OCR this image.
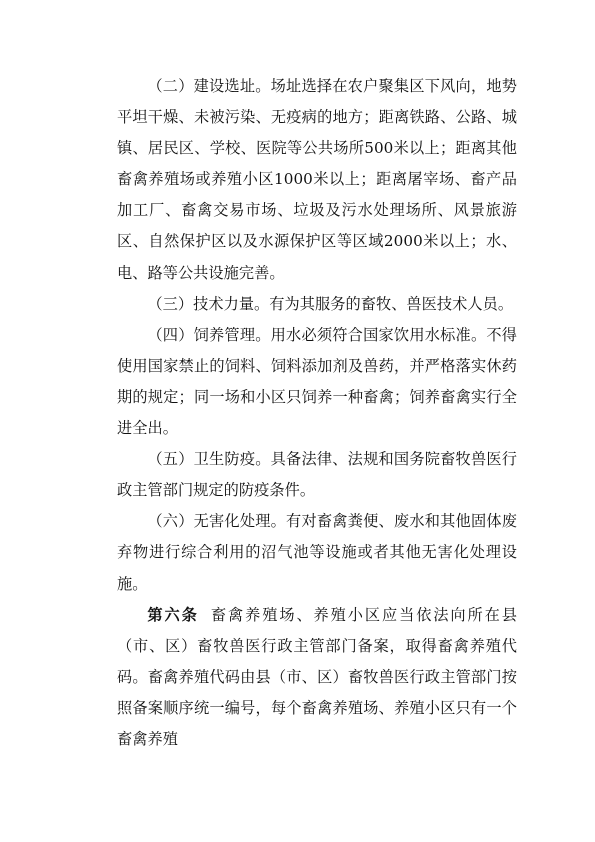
（二）建设选址。场址选择在农户聚集区下风向，地势平坦干燥、未被污染、无疫病的地方；距离铁路、公路、城镇、居民区、学校、医院等公共场所500米以上；距离其他畜禽养殖场或养殖小区1000米以上；距离屠宰场、畜产品加工厂、畜禽交易市场、垃圾及污水处理场所、风景旅游区、自然保护区以及水源保护区等区域2000米以上；水、电、路等公共设施完善。

（三）技术力量。有为其服务的畜牧、兽医技术人员。

（四）饲养管理。用水必须符合国家饮用水标准。不得使用国家禁止的饲料、饲料添加剂及兽药，并严格落实休药期的规定；同一场和小区只饲养一种畜禽；饲养畜禽实行全进全出。

（五）卫生防疫。具备法律、法规和国务院畜牧兽医行政主管部门规定的防疫条件。

（六）无害化处理。有对畜禽粪便、废水和其他固体废弃物进行综合利用的沼气池等设施或者其他无害化处理设施。

第六条 畜禽养殖场、养殖小区应当依法向所在县（市、区）畜牧兽医行政主管部门备案，取得畜禽养殖代码。畜禽养殖代码由县（市、区）畜牧兽医行政主管部门按照备案顺序统一编号，每个畜禽养殖场、养殖小区只有一个畜禽养殖
